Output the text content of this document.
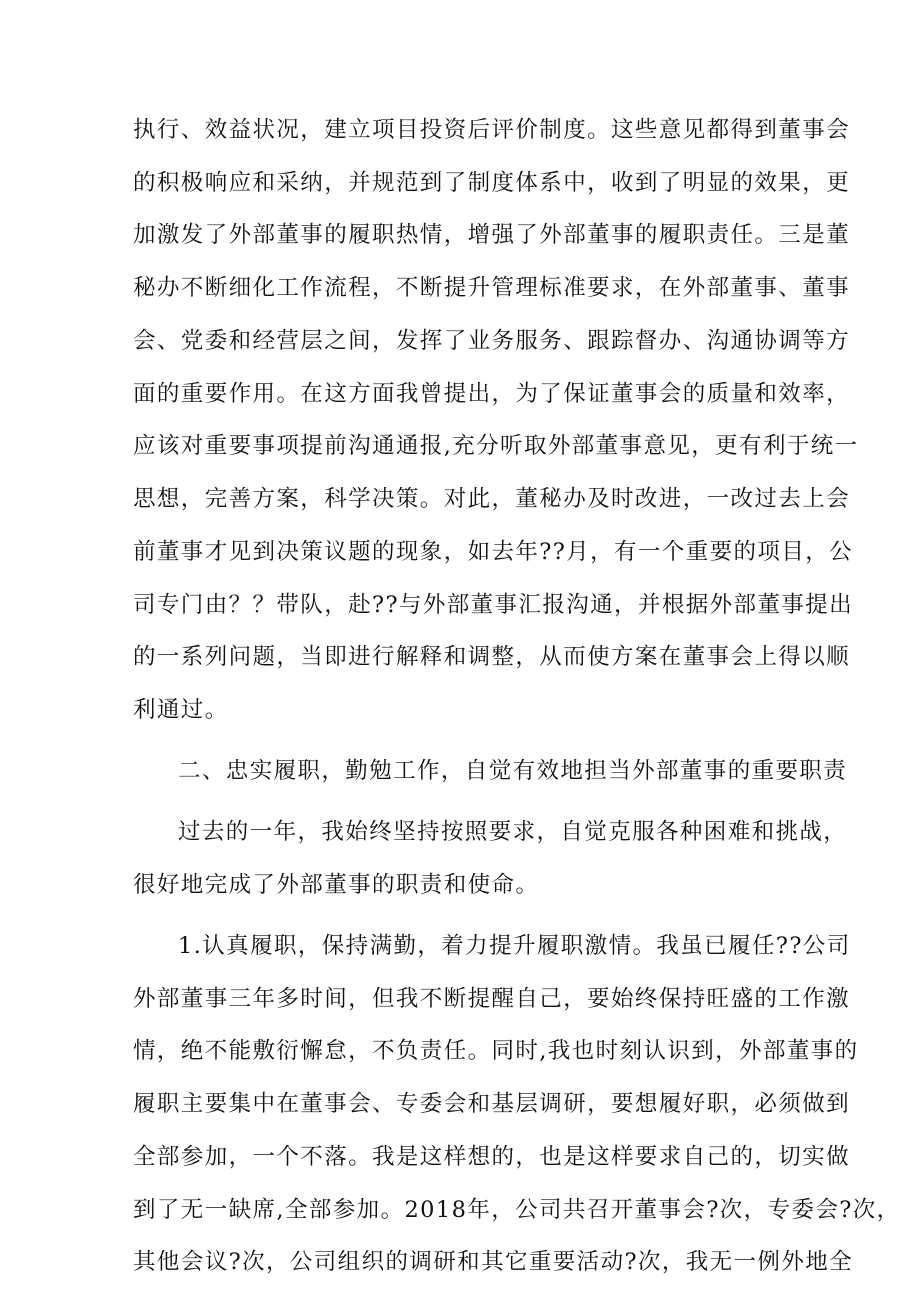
执行、效益状况，建立项目投资后评价制度。这些意见都得到董事会
的积极响应和采纳，并规范到了制度体系中，收到了明显的效果，更
加激发了外部董事的履职热情，增强了外部董事的履职责任。三是董
秘办不断细化工作流程，不断提升管理标准要求，在外部董事、董事
会、党委和经营层之间，发挥了业务服务、跟踪督办、沟通协调等方
面的重要作用。在这方面我曾提出，为了保证董事会的质量和效率，
应该对重要事项提前沟通通报,充分听取外部董事意见，更有利于统一
思想，完善方案，科学决策。对此，董秘办及时改进，一改过去上会
前董事才见到决策议题的现象，如去年??月，有一个重要的项目，公
司专门由？？带队，赴??与外部董事汇报沟通，并根据外部董事提出
的一系列问题，当即进行解释和调整，从而使方案在董事会上得以顺
利通过。
二、忠实履职，勤勉工作，自觉有效地担当外部董事的重要职责
过去的一年，我始终坚持按照要求，自觉克服各种困难和挑战，
很好地完成了外部董事的职责和使命。
1.认真履职，保持满勤，着力提升履职激情。我虽已履任??公司
外部董事三年多时间，但我不断提醒自己，要始终保持旺盛的工作激
情，绝不能敷衍懈怠，不负责任。同时,我也时刻认识到，外部董事的
履职主要集中在董事会、专委会和基层调研，要想履好职，必须做到
全部参加，一个不落。我是这样想的，也是这样要求自己的，切实做
到了无一缺席,全部参加。2018年，公司共召开董事会?次，专委会?次，
其他会议?次，公司组织的调研和其它重要活动?次，我无一例外地全
